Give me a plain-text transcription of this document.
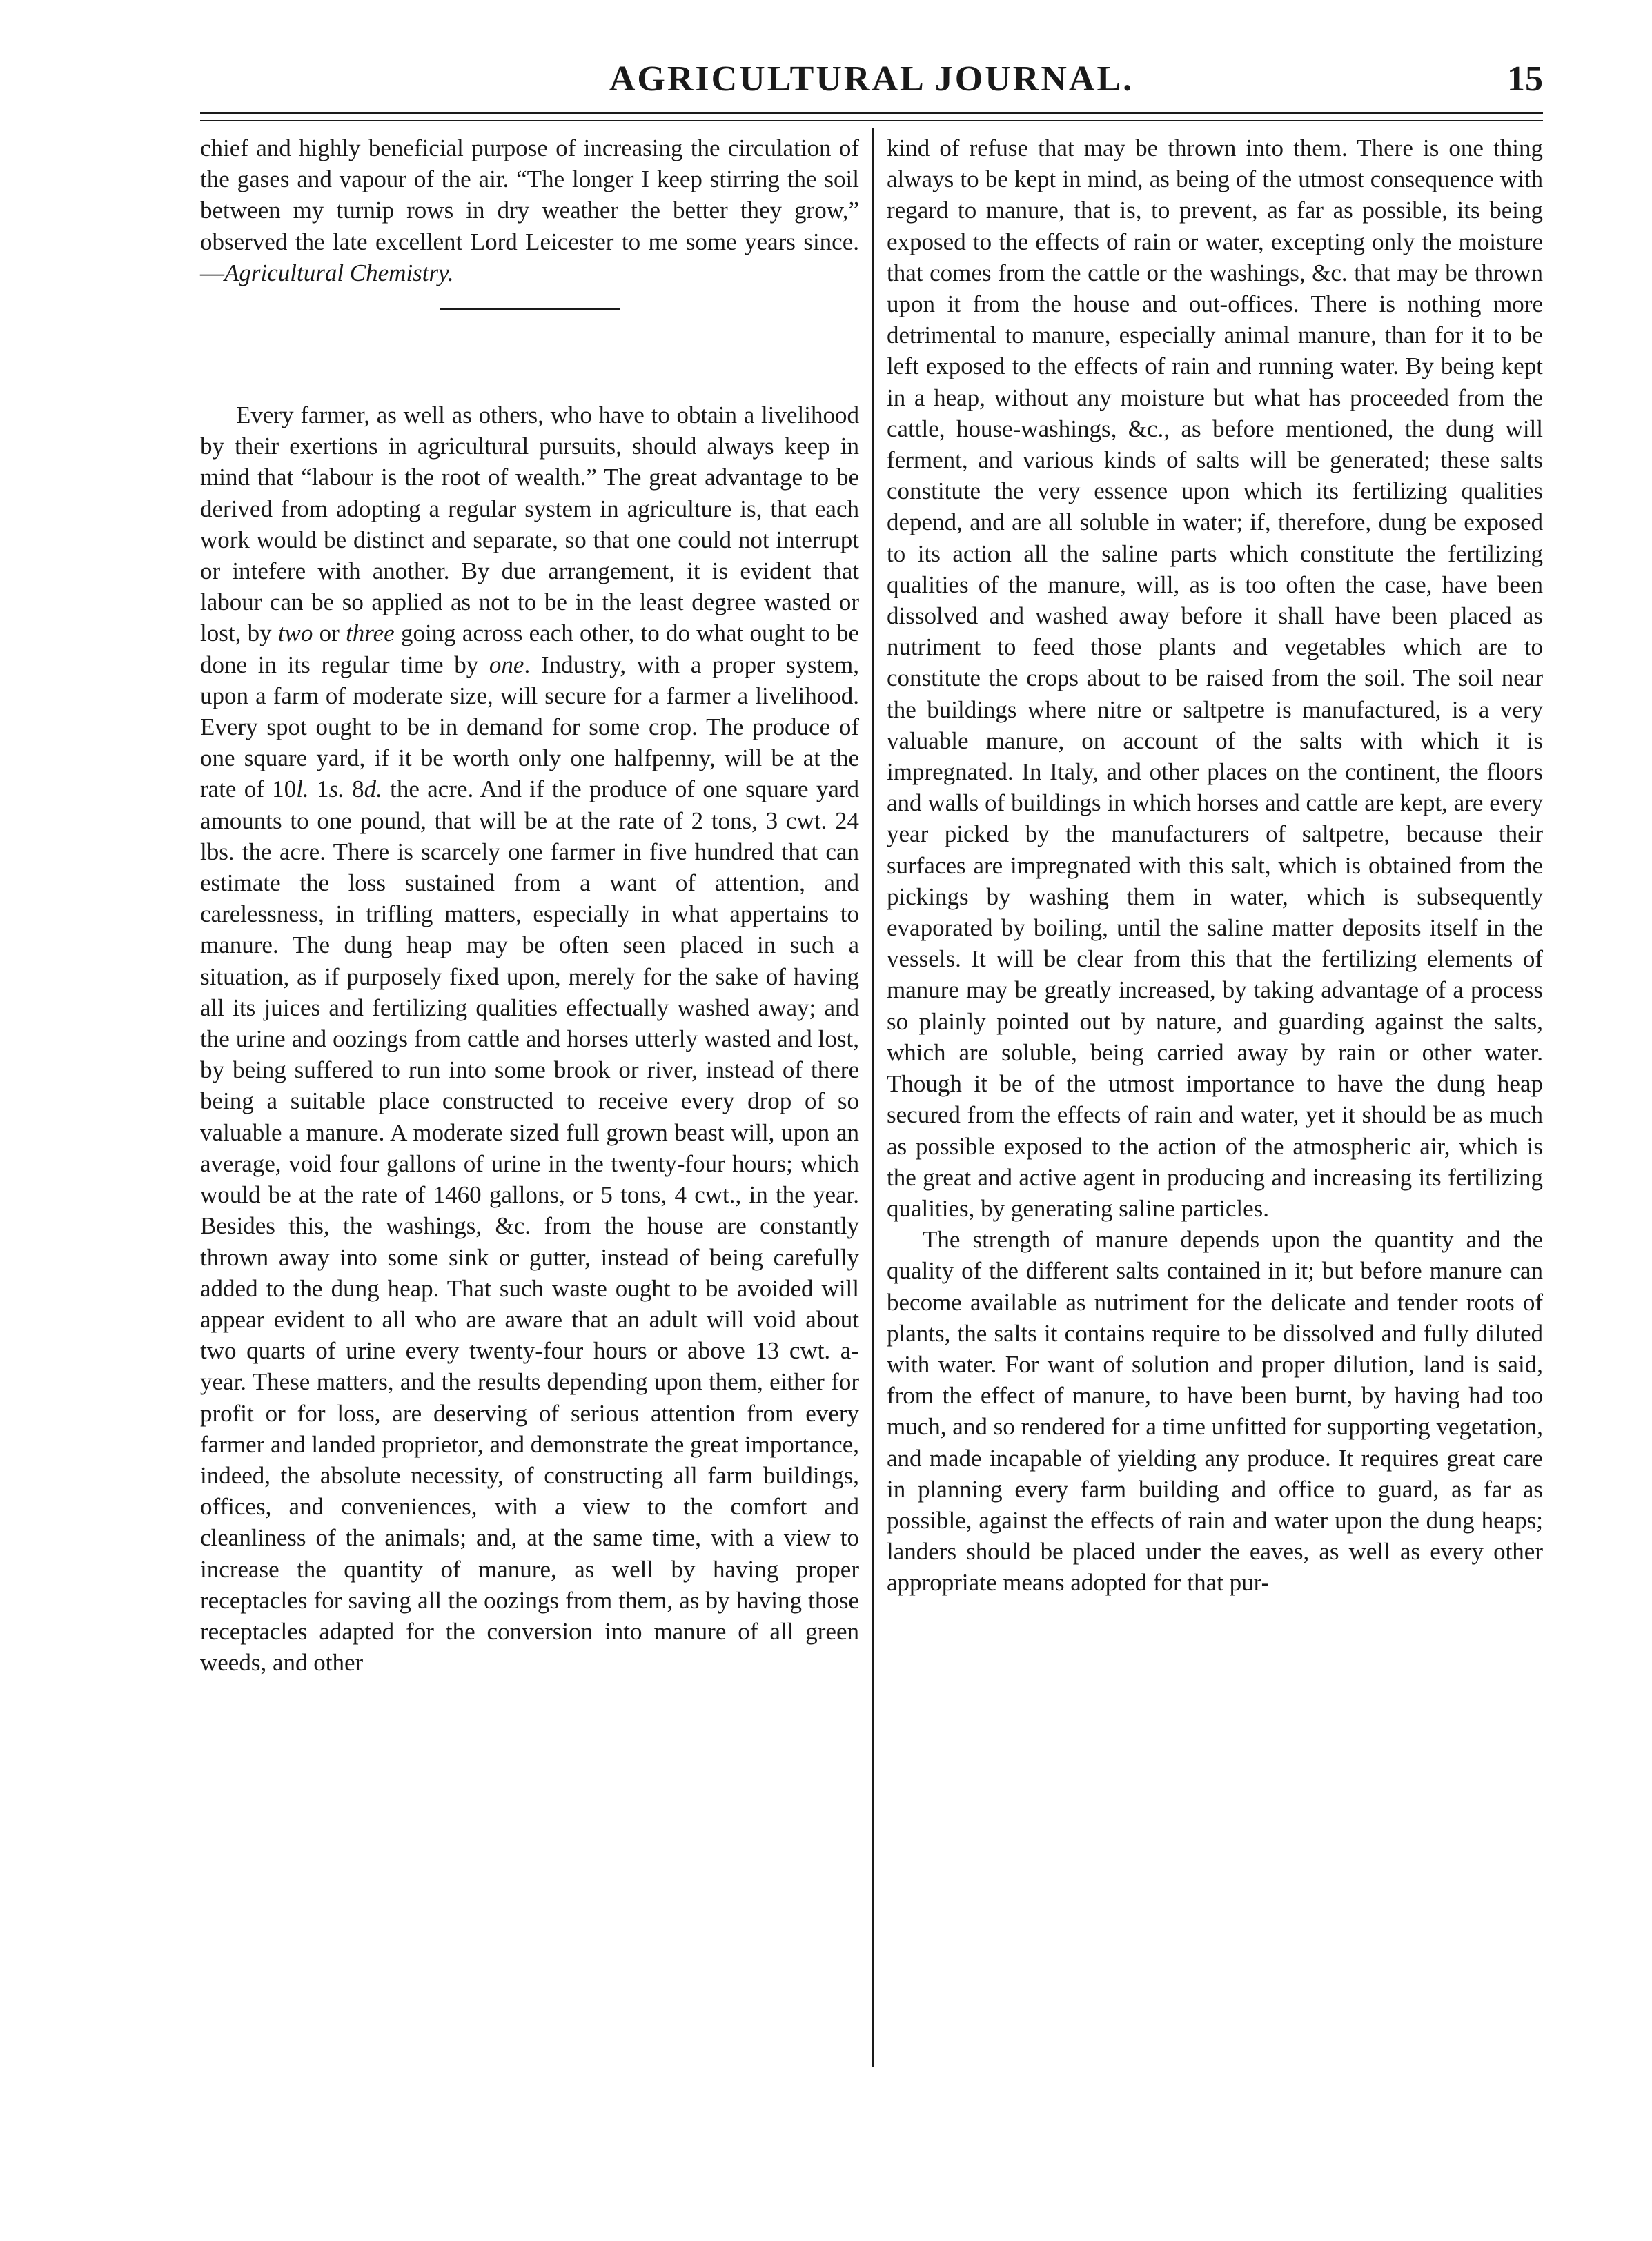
AGRICULTURAL JOURNAL.	15

chief and highly beneficial purpose of increasing the circulation of the gases and vapour of the air. “The longer I keep stirring the soil between my turnip rows in dry weather the better they grow,” observed the late excellent Lord Leicester to me some years since.—Agricultural Chemistry.

Every farmer, as well as others, who have to obtain a livelihood by their exertions in agricultural pursuits, should always keep in mind that “labour is the root of wealth.” The great advantage to be derived from adopting a regular system in agriculture is, that each work would be distinct and separate, so that one could not interrupt or intefere with another. By due arrangement, it is evident that labour can be so applied as not to be in the least degree wasted or lost, by two or three going across each other, to do what ought to be done in its regular time by one. Industry, with a proper system, upon a farm of moderate size, will secure for a farmer a livelihood. Every spot ought to be in demand for some crop. The produce of one square yard, if it be worth only one halfpenny, will be at the rate of 10l. 1s. 8d. the acre. And if the produce of one square yard amounts to one pound, that will be at the rate of 2 tons, 3 cwt. 24 lbs. the acre. There is scarcely one farmer in five hundred that can estimate the loss sustained from a want of attention, and carelessness, in trifling matters, especially in what appertains to manure. The dung heap may be often seen placed in such a situation, as if purposely fixed upon, merely for the sake of having all its juices and fertilizing qualities effectually washed away; and the urine and oozings from cattle and horses utterly wasted and lost, by being suffered to run into some brook or river, instead of there being a suitable place constructed to receive every drop of so valuable a manure. A moderate sized full grown beast will, upon an average, void four gallons of urine in the twenty-four hours; which would be at the rate of 1460 gallons, or 5 tons, 4 cwt., in the year. Besides this, the washings, &c. from the house are constantly thrown away into some sink or gutter, instead of being carefully added to the dung heap. That such waste ought to be avoided will appear evident to all who are aware that an adult will void about two quarts of urine every twenty-four hours or above 13 cwt. a-year. These matters, and the results depending upon them, either for profit or for loss, are deserving of serious attention from every farmer and landed proprietor, and demonstrate the great importance, indeed, the absolute necessity, of constructing all farm buildings, offices, and conveniences, with a view to the comfort and cleanliness of the animals; and, at the same time, with a view to increase the quantity of manure, as well by having proper receptacles for saving all the oozings from them, as by having those receptacles adapted for the conversion into manure of all green weeds, and other

kind of refuse that may be thrown into them. There is one thing always to be kept in mind, as being of the utmost consequence with regard to manure, that is, to prevent, as far as possible, its being exposed to the effects of rain or water, excepting only the moisture that comes from the cattle or the washings, &c. that may be thrown upon it from the house and out-offices. There is nothing more detrimental to manure, especially animal manure, than for it to be left exposed to the effects of rain and running water. By being kept in a heap, without any moisture but what has proceeded from the cattle, house-washings, &c., as before mentioned, the dung will ferment, and various kinds of salts will be generated; these salts constitute the very essence upon which its fertilizing qualities depend, and are all soluble in water; if, therefore, dung be exposed to its action all the saline parts which constitute the fertilizing qualities of the manure, will, as is too often the case, have been dissolved and washed away before it shall have been placed as nutriment to feed those plants and vegetables which are to constitute the crops about to be raised from the soil. The soil near the buildings where nitre or saltpetre is manufactured, is a very valuable manure, on account of the salts with which it is impregnated. In Italy, and other places on the continent, the floors and walls of buildings in which horses and cattle are kept, are every year picked by the manufacturers of saltpetre, because their surfaces are impregnated with this salt, which is obtained from the pickings by washing them in water, which is subsequently evaporated by boiling, until the saline matter deposits itself in the vessels. It will be clear from this that the fertilizing elements of manure may be greatly increased, by taking advantage of a process so plainly pointed out by nature, and guarding against the salts, which are soluble, being carried away by rain or other water. Though it be of the utmost importance to have the dung heap secured from the effects of rain and water, yet it should be as much as possible exposed to the action of the atmospheric air, which is the great and active agent in producing and increasing its fertilizing qualities, by generating saline particles.

The strength of manure depends upon the quantity and the quality of the different salts contained in it; but before manure can become available as nutriment for the delicate and tender roots of plants, the salts it contains require to be dissolved and fully diluted with water. For want of solution and proper dilution, land is said, from the effect of manure, to have been burnt, by having had too much, and so rendered for a time unfitted for supporting vegetation, and made incapable of yielding any produce. It requires great care in planning every farm building and office to guard, as far as possible, against the effects of rain and water upon the dung heaps; landers should be placed under the eaves, as well as every other appropriate means adopted for that pur-
